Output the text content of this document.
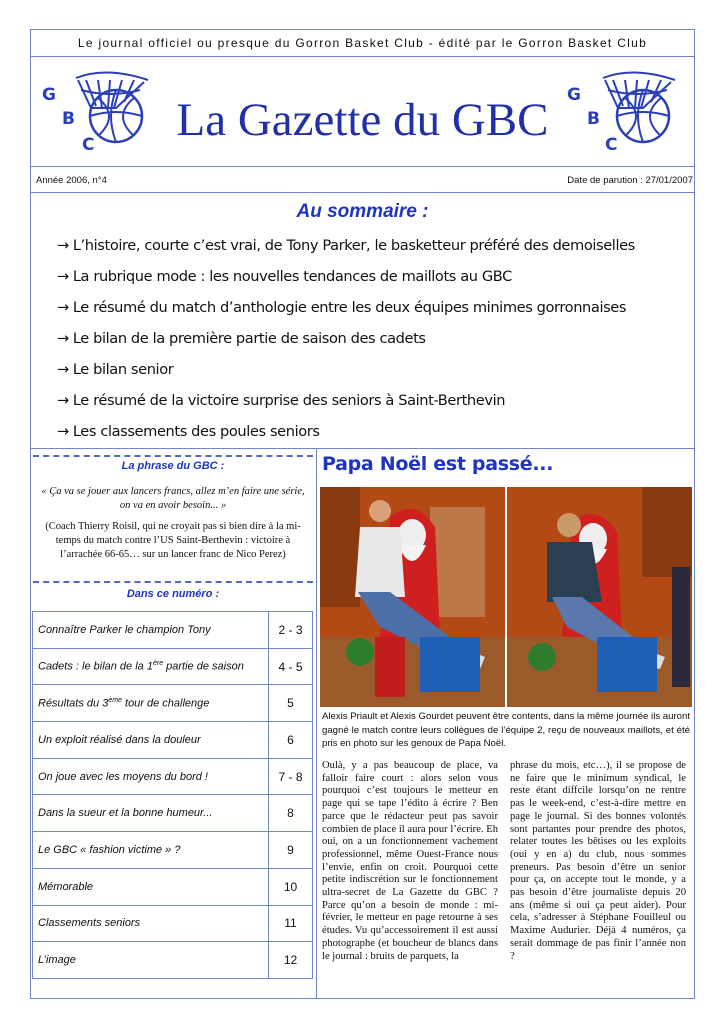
Le journal officiel ou presque du Gorron Basket Club - édité par le Gorron Basket Club
G
B
C	La Gazette du GBC	G
B
C
Année 2006, n°4	Date de parution : 27/01/2007
Au sommaire :
→ L’histoire, courte c’est vrai, de Tony Parker, le basketteur préféré des demoiselles
→ La rubrique mode : les nouvelles tendances de maillots au GBC
→ Le résumé du match d’anthologie entre les deux équipes minimes gorronnaises
→ Le bilan de la première partie de saison des cadets
→ Le bilan senior
→ Le résumé de la victoire surprise des seniors à Saint-Berthevin
→ Les classements des poules seniors
La phrase du GBC :
« Ça va se jouer aux lancers francs, allez m’en faire une série, on va en avoir besoin... »
(Coach Thierry Roisil, qui ne croyait pas si bien dire à la mi-temps du match contre l’US Saint-Berthevin : victoire à l’arrachée 66-65… sur un lancer franc de Nico Perez)
Dans ce numéro :
Connaître Parker le champion Tony	2 - 3
Cadets : le bilan de la 1ère partie de saison	4 - 5
Résultats du 3ème tour de challenge	5
Un exploit réalisé dans la douleur	6
On joue avec les moyens du bord !	7 - 8
Dans la sueur et la bonne humeur...	8
Le GBC « fashion victime » ?	9
Mémorable	10
Classements seniors	11
L’image	12
Papa Noël est passé...
Alexis Priault et Alexis Gourdet peuvent être contents, dans la même journée ils auront gagné le match contre leurs collègues de l’équipe 2, reçu de nouveaux maillots, et été pris en photo sur les genoux de Papa Noël.
Oulà, y a pas beaucoup de place, va falloir faire court : alors selon vous pourquoi c’est toujours le metteur en page qui se tape l’édito à écrire ? Ben parce que le rédacteur peut pas savoir combien de place il aura pour l’écrire. Eh oui, on a un fonctionnement vachement professionnel, même Ouest-France nous l’envie, enfin on croit. Pourquoi cette petite indiscrétion sur le fonctionnement ultra-secret de La Gazette du GBC ? Parce qu’on a besoin de monde : mi-février, le metteur en page retourne à ses études. Vu qu’accessoirement il est aussi photographe (et boucheur de blancs dans le journal : bruits de parquets, la
phrase du mois, etc…), il se propose de ne faire que le minimum syndical, le reste étant diffcile lorsqu’on ne rentre pas le week-end, c’est-à-dire mettre en page le journal. Si des bonnes volontés sont partantes pour prendre des photos, relater toutes les bêtises ou les exploits (oui y en a) du club, nous sommes preneurs. Pas besoin d’être un senior pour ça, on accepte tout le monde, y a pas besoin d’être journaliste depuis 20 ans (même si oui ça peut aider). Pour cela, s’adresser à Stéphane Fouilleul ou Maxime Audurier. Déjà 4 numéros, ça serait dommage de pas finir l’année non ?
